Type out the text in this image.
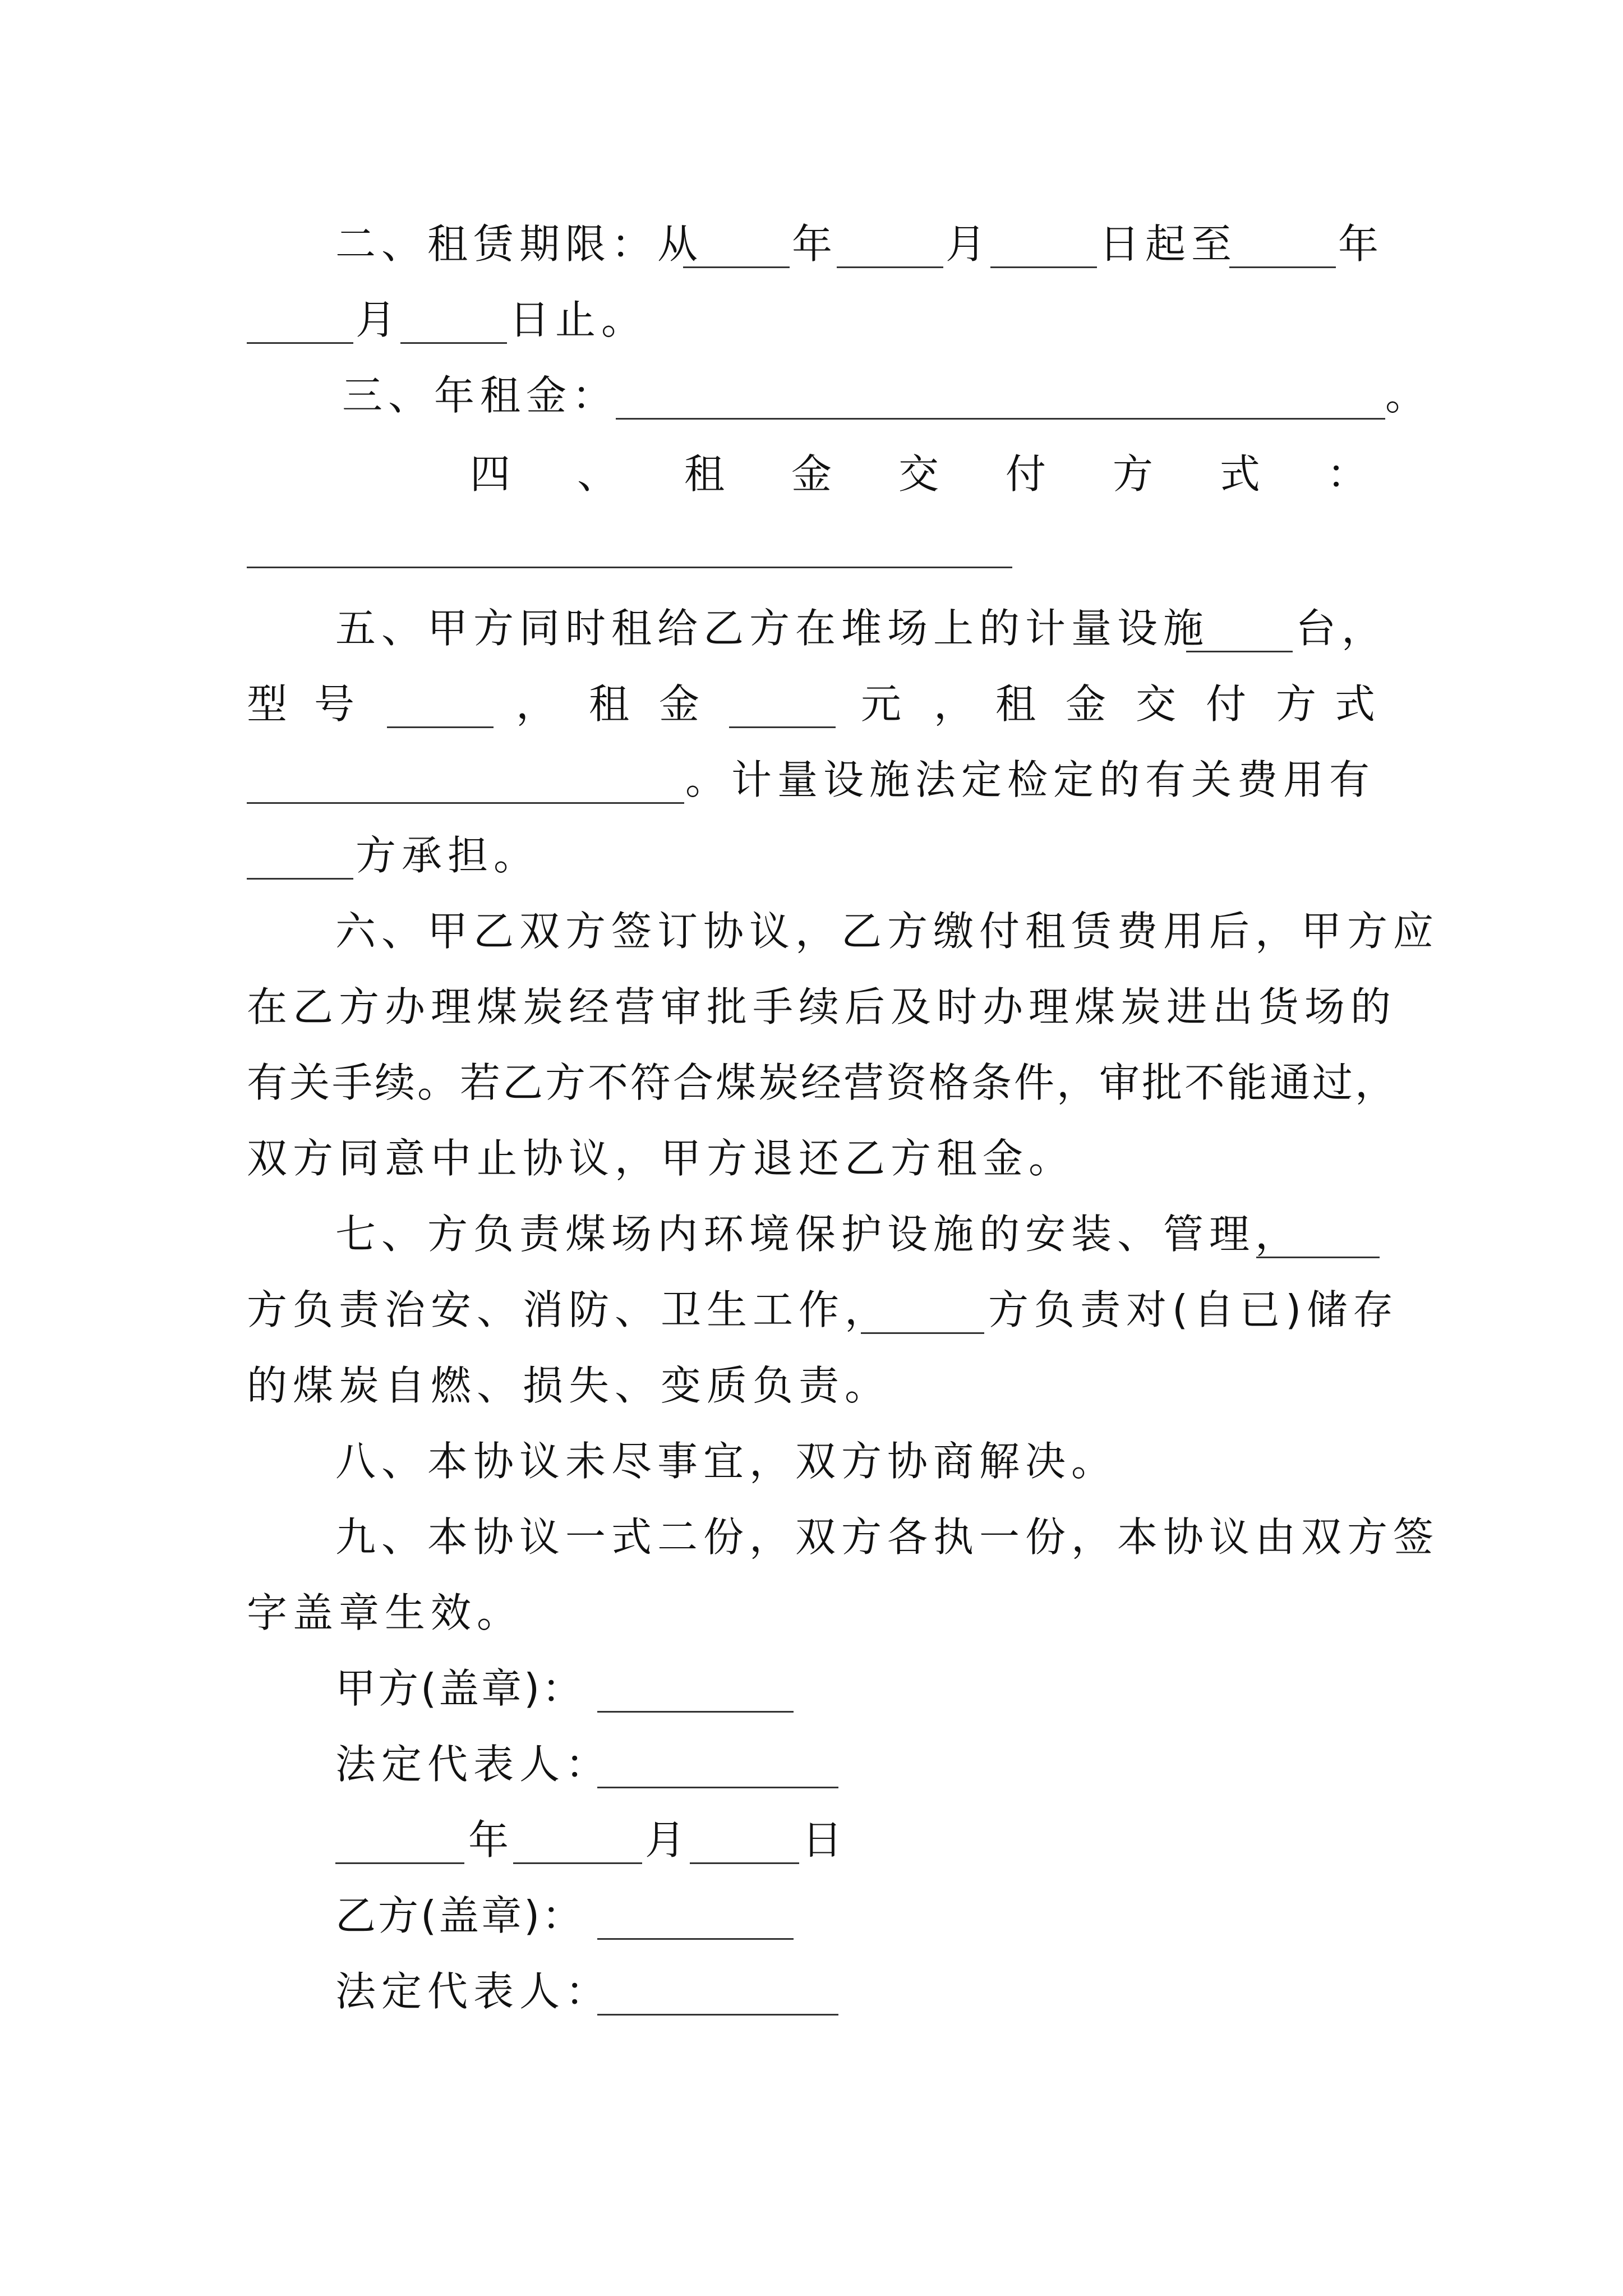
二、租赁期限：从 年	月	日起至 年
月	日止。
三、年租金：	。
四 、 租 金 交 付 方 式 ：
五、甲方同时租给乙方在堆场上的计量设施 台，
型 号	， 租 金	元 ， 租 金 交 付 方 式
。计量设施法定检定的有关费用有
方承担。
六、甲乙双方签订协议，乙方缴付租赁费用后，甲方应
在乙方办理煤炭经营审批手续后及时办理煤炭进出货场的
有关手续。若乙方不符合煤炭经营资格条件，审批不能通过，
双方同意中止协议，甲方退还乙方租金。
七、方负责煤场内环境保护设施的安装、管理，
方负责治安、消防、卫生工作， 方负责对(自已)储存
的煤炭自燃、损失、变质负责。
八、本协议未尽事宜，双方协商解决。
九、本协议一式二份，双方各执一份，本协议由双方签
字盖章生效。
甲方(盖章)：
法定代表人：
年	月	日
乙方(盖章)：
法定代表人：
